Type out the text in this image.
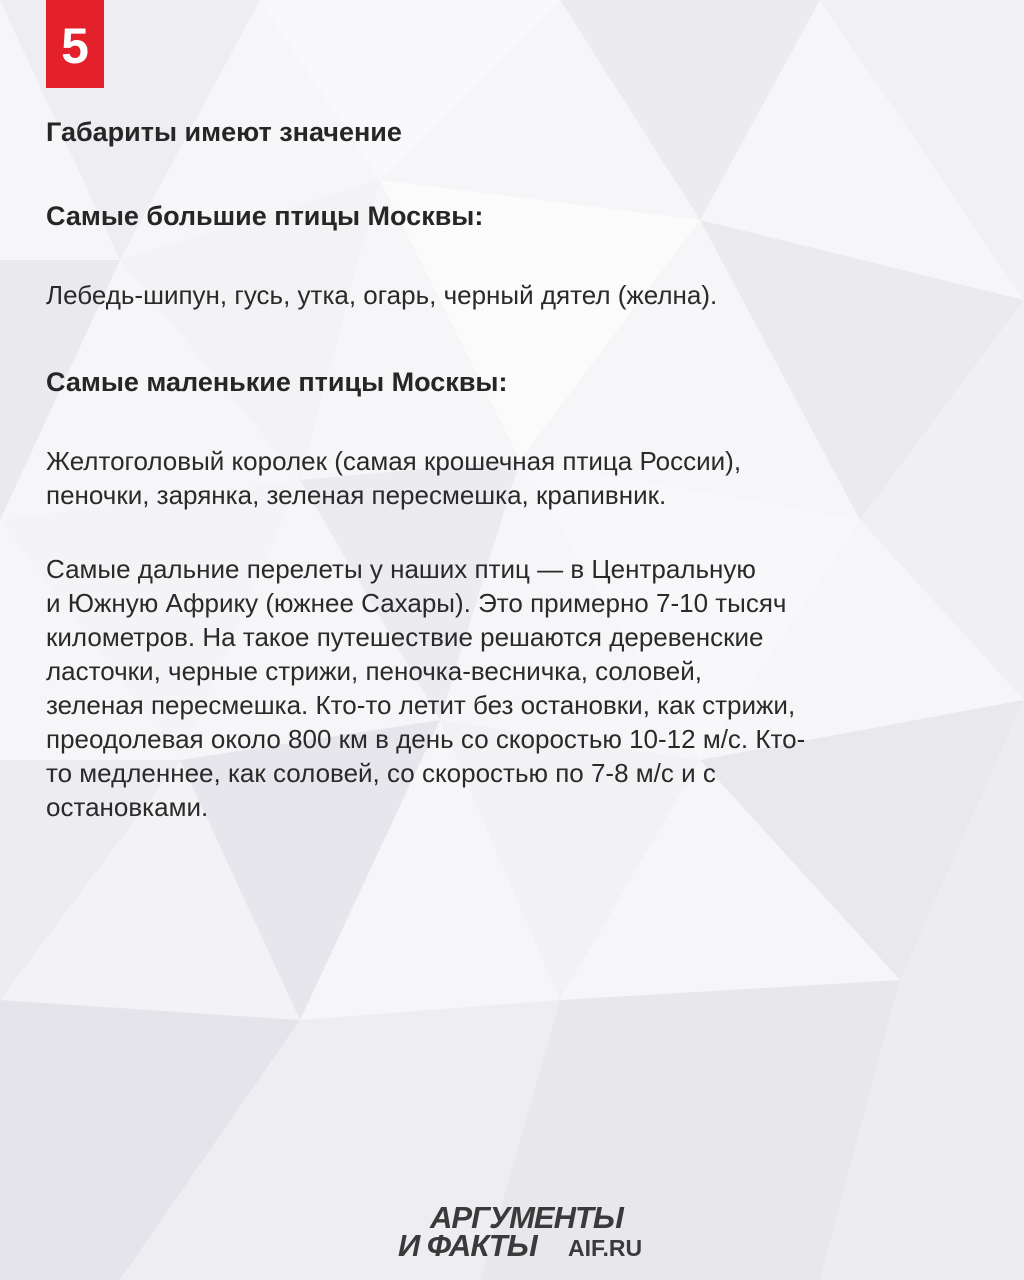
5

Габариты имеют значение

Самые большие птицы Москвы:

Лебедь-шипун, гусь, утка, огарь, черный дятел (желна).

Самые маленькие птицы Москвы:

Желтоголовый королек (самая крошечная птица России),

пеночки, зарянка, зеленая пересмешка, крапивник.

Самые дальние перелеты у наших птиц — в Центральную

и Южную Африку (южнее Сахары). Это примерно 7-10 тысяч

километров. На такое путешествие решаются деревенские

ласточки, черные стрижи, пеночка-весничка, соловей,

зеленая пересмешка. Кто-то летит без остановки, как стрижи,

преодолевая около 800 км в день со скоростью 10-12 м/с. Кто-

то медленнее, как соловей, со скоростью по 7-8 м/с и с

остановками.

АРГУМЕНТЫ
И ФАКТЫ AIF.RU
